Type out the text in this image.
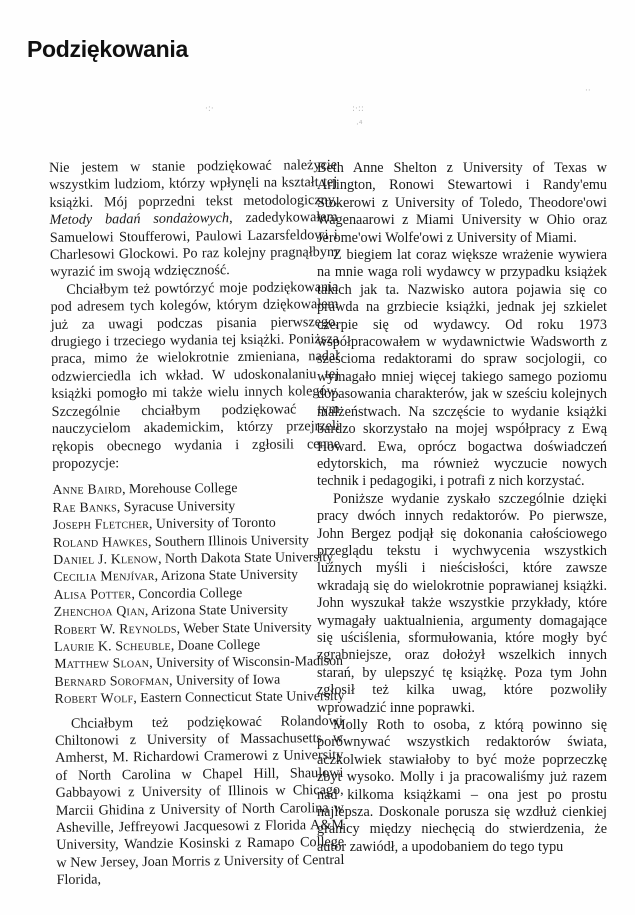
Podziękowania
·:·	:·::
·⁴
··

Nie jestem w stanie podziękować należycie wszystkim ludziom, którzy wpłynęli na kształt tej książki. Mój poprzedni tekst metodologiczny, Metody badań sondażowych, zadedykowałem Samuelowi Stoufferowi, Paulowi Lazarsfeldowi i Charlesowi Glockowi. Po raz kolejny pragnąłbym wyrazić im swoją wdzięczność.

Chciałbym też powtórzyć moje podziękowania pod adresem tych kolegów, którym dziękowałem już za uwagi podczas pisania pierwszego, drugiego i trzeciego wydania tej książki. Poniższa praca, mimo że wielokrotnie zmieniana, nadal odzwierciedla ich wkład. W udoskonalaniu tej książki pomogło mi także wielu innych kolegów. Szczególnie chciałbym podziękować tym nauczycielom akademickim, którzy przejrzeli rękopis obecnego wydania i zgłosili cenne propozycje:

Anne Baird, Morehouse College
Rae Banks, Syracuse University
Joseph Fletcher, University of Toronto
Roland Hawkes, Southern Illinois University
Daniel J. Klenow, North Dakota State University
Cecilia Menjívar, Arizona State University
Alisa Potter, Concordia College
Zhenchoa Qian, Arizona State University
Robert W. Reynolds, Weber State University
Laurie K. Scheuble, Doane College
Matthew Sloan, University of Wisconsin-Madison
Bernard Sorofman, University of Iowa
Robert Wolf, Eastern Connecticut State University

Chciałbym też podziękować Rolandowi Chiltonowi z University of Massachusetts w Amherst, M. Richardowi Cramerowi z University of North Carolina w Chapel Hill, Shaulowi Gabbayowi z University of Illinois w Chicago, Marcii Ghidina z University of North Carolina w Asheville, Jeffreyowi Jacquesowi z Florida A&M University, Wandzie Kosinski z Ramapo College w New Jersey, Joan Morris z University of Central Florida,

Beth Anne Shelton z University of Texas w Arlington, Ronowi Stewartowi i Randy'emu Stokerowi z University of Toledo, Theodore'owi Wagenaarowi z Miami University w Ohio oraz Jerome'owi Wolfe'owi z University of Miami.

Z biegiem lat coraz większe wrażenie wywiera na mnie waga roli wydawcy w przypadku książek takich jak ta. Nazwisko autora pojawia się co prawda na grzbiecie książki, jednak jej szkielet czerpie się od wydawcy. Od roku 1973 współpracowałem w wydawnictwie Wadsworth z sześcioma redaktorami do spraw socjologii, co wymagało mniej więcej takiego samego poziomu dopasowania charakterów, jak w sześciu kolejnych małżeństwach. Na szczęście to wydanie książki bardzo skorzystało na mojej współpracy z Ewą Howard. Ewa, oprócz bogactwa doświadczeń edytorskich, ma również wyczucie nowych technik i pedagogiki, i potrafi z nich korzystać.

Poniższe wydanie zyskało szczególnie dzięki pracy dwóch innych redaktorów. Po pierwsze, John Bergez podjął się dokonania całościowego przeglądu tekstu i wychwycenia wszystkich luźnych myśli i nieścisłości, które zawsze wkradają się do wielokrotnie poprawianej książki. John wyszukał także wszystkie przykłady, które wymagały uaktualnienia, argumenty domagające się uściślenia, sformułowania, które mogły być zgrabniejsze, oraz dołożył wszelkich innych starań, by ulepszyć tę książkę. Poza tym John zgłosił też kilka uwag, które pozwoliły wprowadzić inne poprawki.

Molly Roth to osoba, z którą powinno się porównywać wszystkich redaktorów świata, aczkolwiek stawiałoby to być może poprzeczkę zbyt wysoko. Molly i ja pracowaliśmy już razem nad kilkoma książkami – ona jest po prostu najlepsza. Doskonale porusza się wzdłuż cienkiej granicy między niechęcią do stwierdzenia, że autor zawiódł, a upodobaniem do tego typu
